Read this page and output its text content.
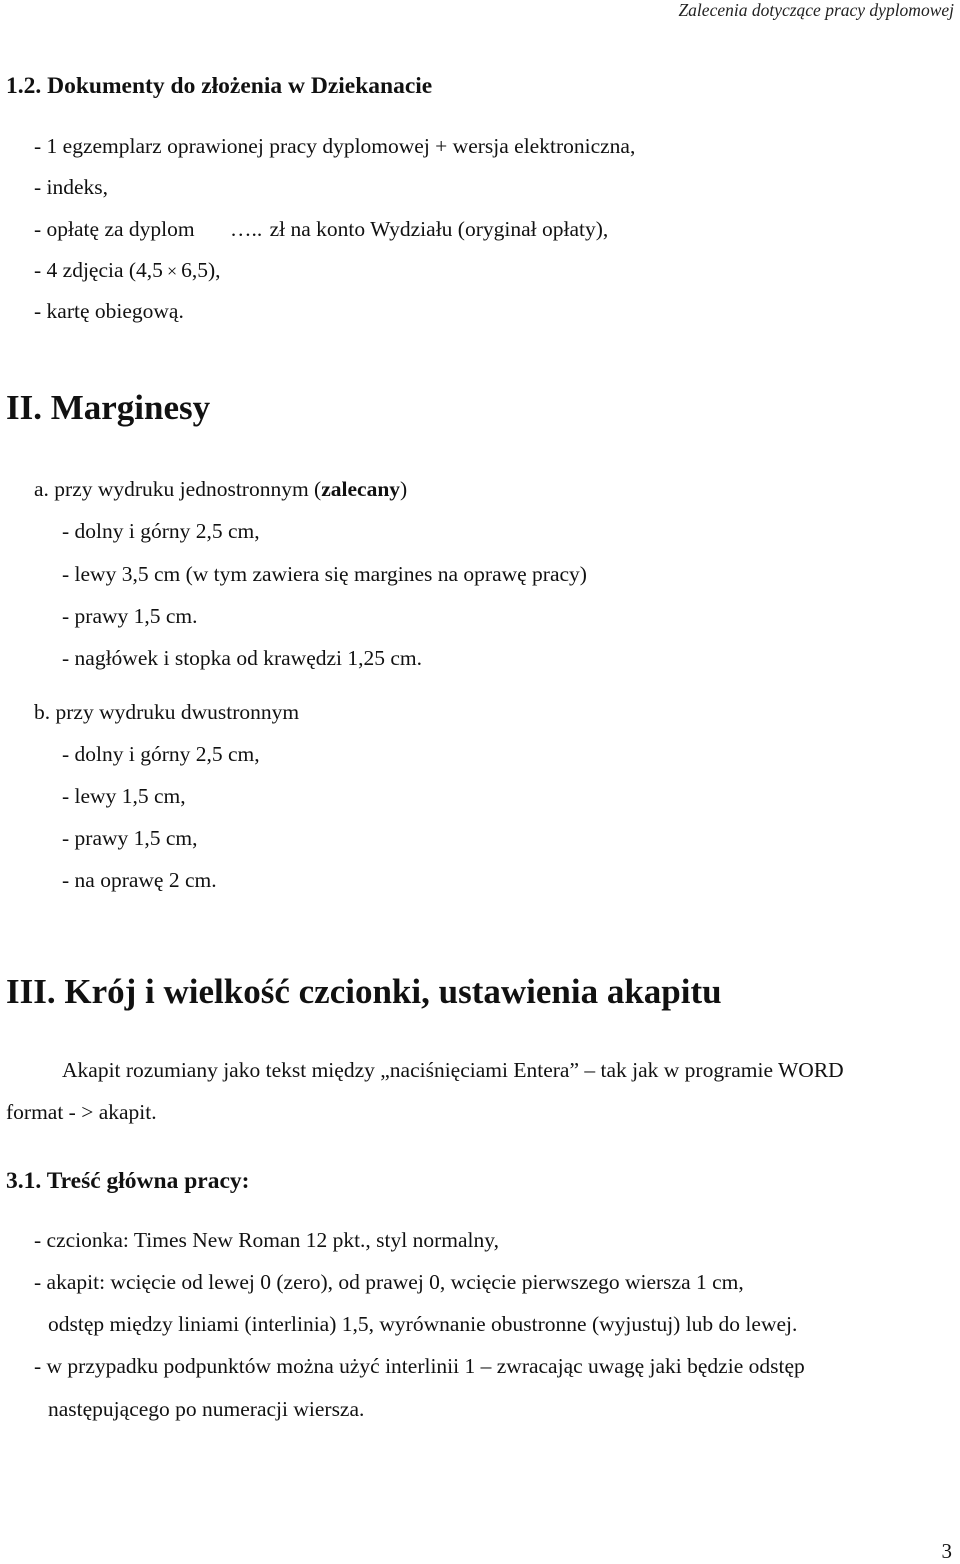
Zalecenia dotyczące pracy dyplomowej
1.2. Dokumenty do złożenia w Dziekanacie
- 1 egzemplarz oprawionej pracy dyplomowej + wersja elektroniczna,
- indeks,
- opłatę za dyplom ….. zł na konto Wydziału (oryginał opłaty),
- 4 zdjęcia (4,5 × 6,5),
- kartę obiegową.
II. Marginesy
a. przy wydruku jednostronnym (zalecany)
- dolny i górny 2,5 cm,
- lewy 3,5 cm (w tym zawiera się margines na oprawę pracy)
- prawy 1,5 cm.
- nagłówek i stopka od krawędzi 1,25 cm.
b. przy wydruku dwustronnym
- dolny i górny 2,5 cm,
- lewy 1,5 cm,
- prawy 1,5 cm,
- na oprawę 2 cm.
III. Krój i wielkość czcionki, ustawienia akapitu
Akapit rozumiany jako tekst między „naciśnięciami Entera” – tak jak w programie WORD
format - > akapit.
3.1. Treść główna pracy:
- czcionka: Times New Roman 12 pkt., styl normalny,
- akapit: wcięcie od lewej 0 (zero), od prawej 0, wcięcie pierwszego wiersza 1 cm,
odstęp między liniami (interlinia) 1,5, wyrównanie obustronne (wyjustuj) lub do lewej.
- w przypadku podpunktów można użyć interlinii 1 – zwracając uwagę jaki będzie odstęp
następującego po numeracji wiersza.
3
